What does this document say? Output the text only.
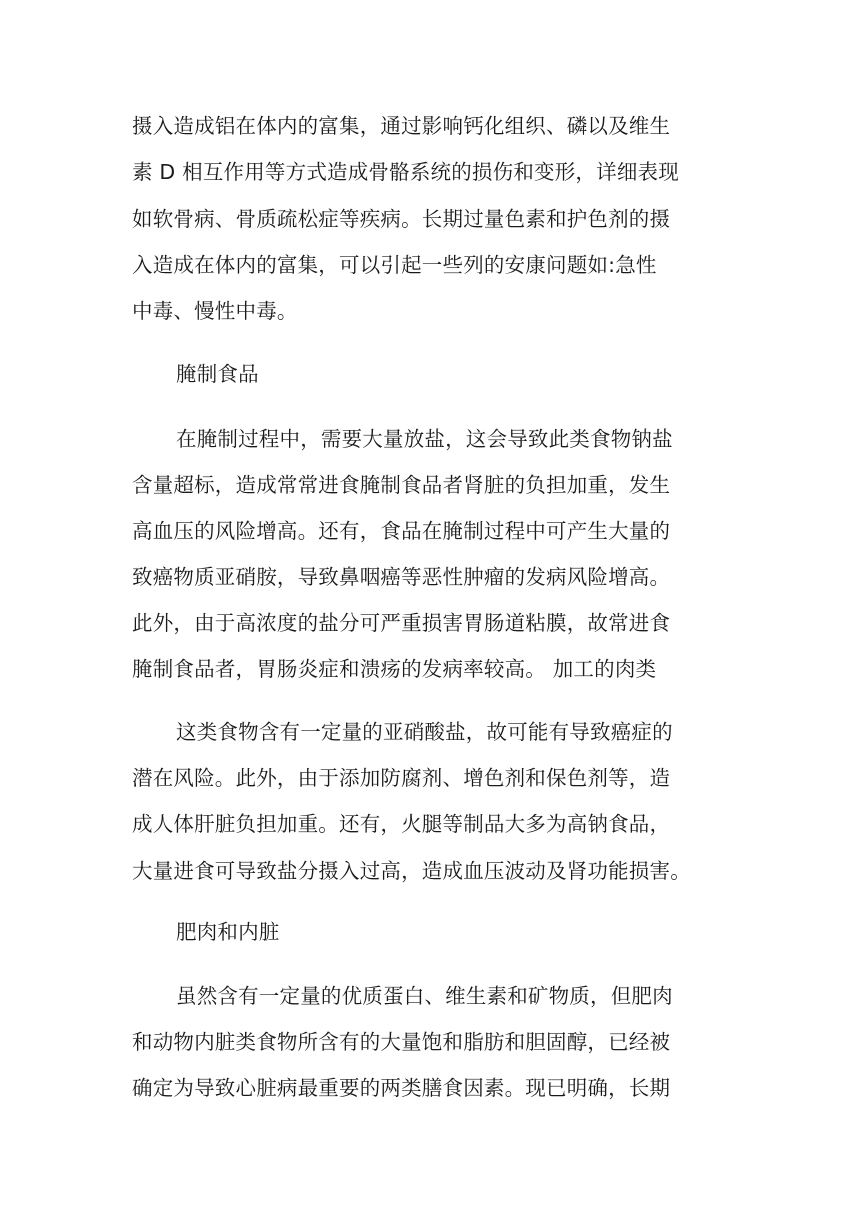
摄入造成铝在体内的富集，通过影响钙化组织、磷以及维生
素 D 相互作用等方式造成骨骼系统的损伤和变形，详细表现
如软骨病、骨质疏松症等疾病。长期过量色素和护色剂的摄
入造成在体内的富集，可以引起一些列的安康问题如:急性
中毒、慢性中毒。
腌制食品
在腌制过程中，需要大量放盐，这会导致此类食物钠盐
含量超标，造成常常进食腌制食品者肾脏的负担加重，发生
高血压的风险增高。还有，食品在腌制过程中可产生大量的
致癌物质亚硝胺，导致鼻咽癌等恶性肿瘤的发病风险增高。
此外，由于高浓度的盐分可严重损害胃肠道粘膜，故常进食
腌制食品者，胃肠炎症和溃疡的发病率较高。 加工的肉类
这类食物含有一定量的亚硝酸盐，故可能有导致癌症的
潜在风险。此外，由于添加防腐剂、增色剂和保色剂等，造
成人体肝脏负担加重。还有，火腿等制品大多为高钠食品，
大量进食可导致盐分摄入过高，造成血压波动及肾功能损害。
肥肉和内脏
虽然含有一定量的优质蛋白、维生素和矿物质，但肥肉
和动物内脏类食物所含有的大量饱和脂肪和胆固醇，已经被
确定为导致心脏病最重要的两类膳食因素。现已明确，长期
